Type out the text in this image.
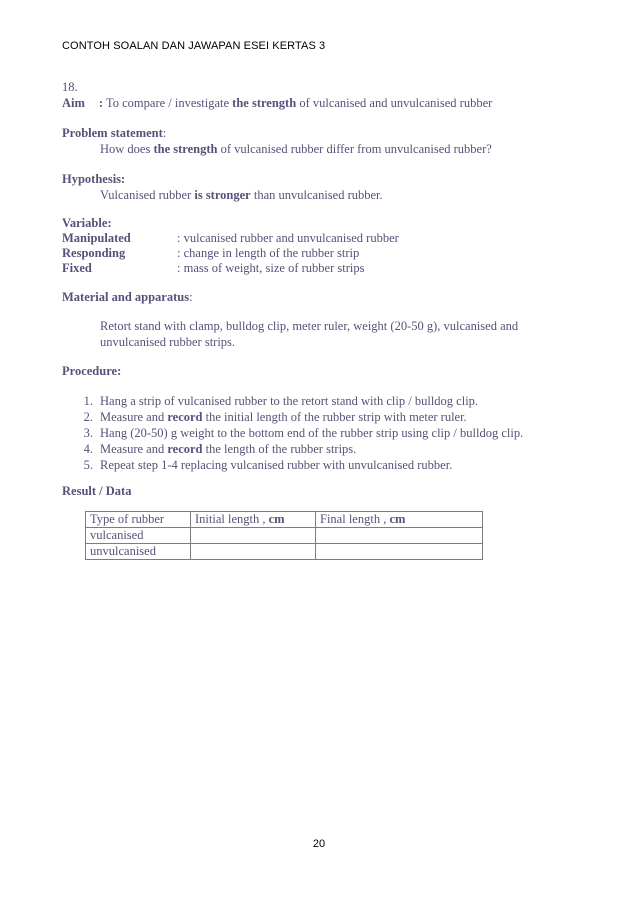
CONTOH SOALAN DAN JAWAPAN ESEI KERTAS 3
18.
Aim : To compare / investigate the strength of vulcanised and unvulcanised rubber
Problem statement:
How does the strength of vulcanised rubber differ from unvulcanised rubber?
Hypothesis:
Vulcanised rubber is stronger than unvulcanised rubber.
Variable:
Manipulated	: vulcanised rubber and unvulcanised rubber
Responding	: change in length of the rubber strip
Fixed	: mass of weight, size of rubber strips
Material and apparatus:
Retort stand with clamp, bulldog clip, meter ruler, weight (20-50 g), vulcanised and
unvulcanised rubber strips.
Procedure:
1. Hang a strip of vulcanised rubber to the retort stand with clip / bulldog clip.
2. Measure and record the initial length of the rubber strip with meter ruler.
3. Hang (20-50) g weight to the bottom end of the rubber strip using clip / bulldog clip.
4. Measure and record the length of the rubber strips.
5. Repeat step 1-4 replacing vulcanised rubber with unvulcanised rubber.
Result / Data
Type of rubber	Initial length , cm	Final length , cm
vulcanised		
unvulcanised		
20
